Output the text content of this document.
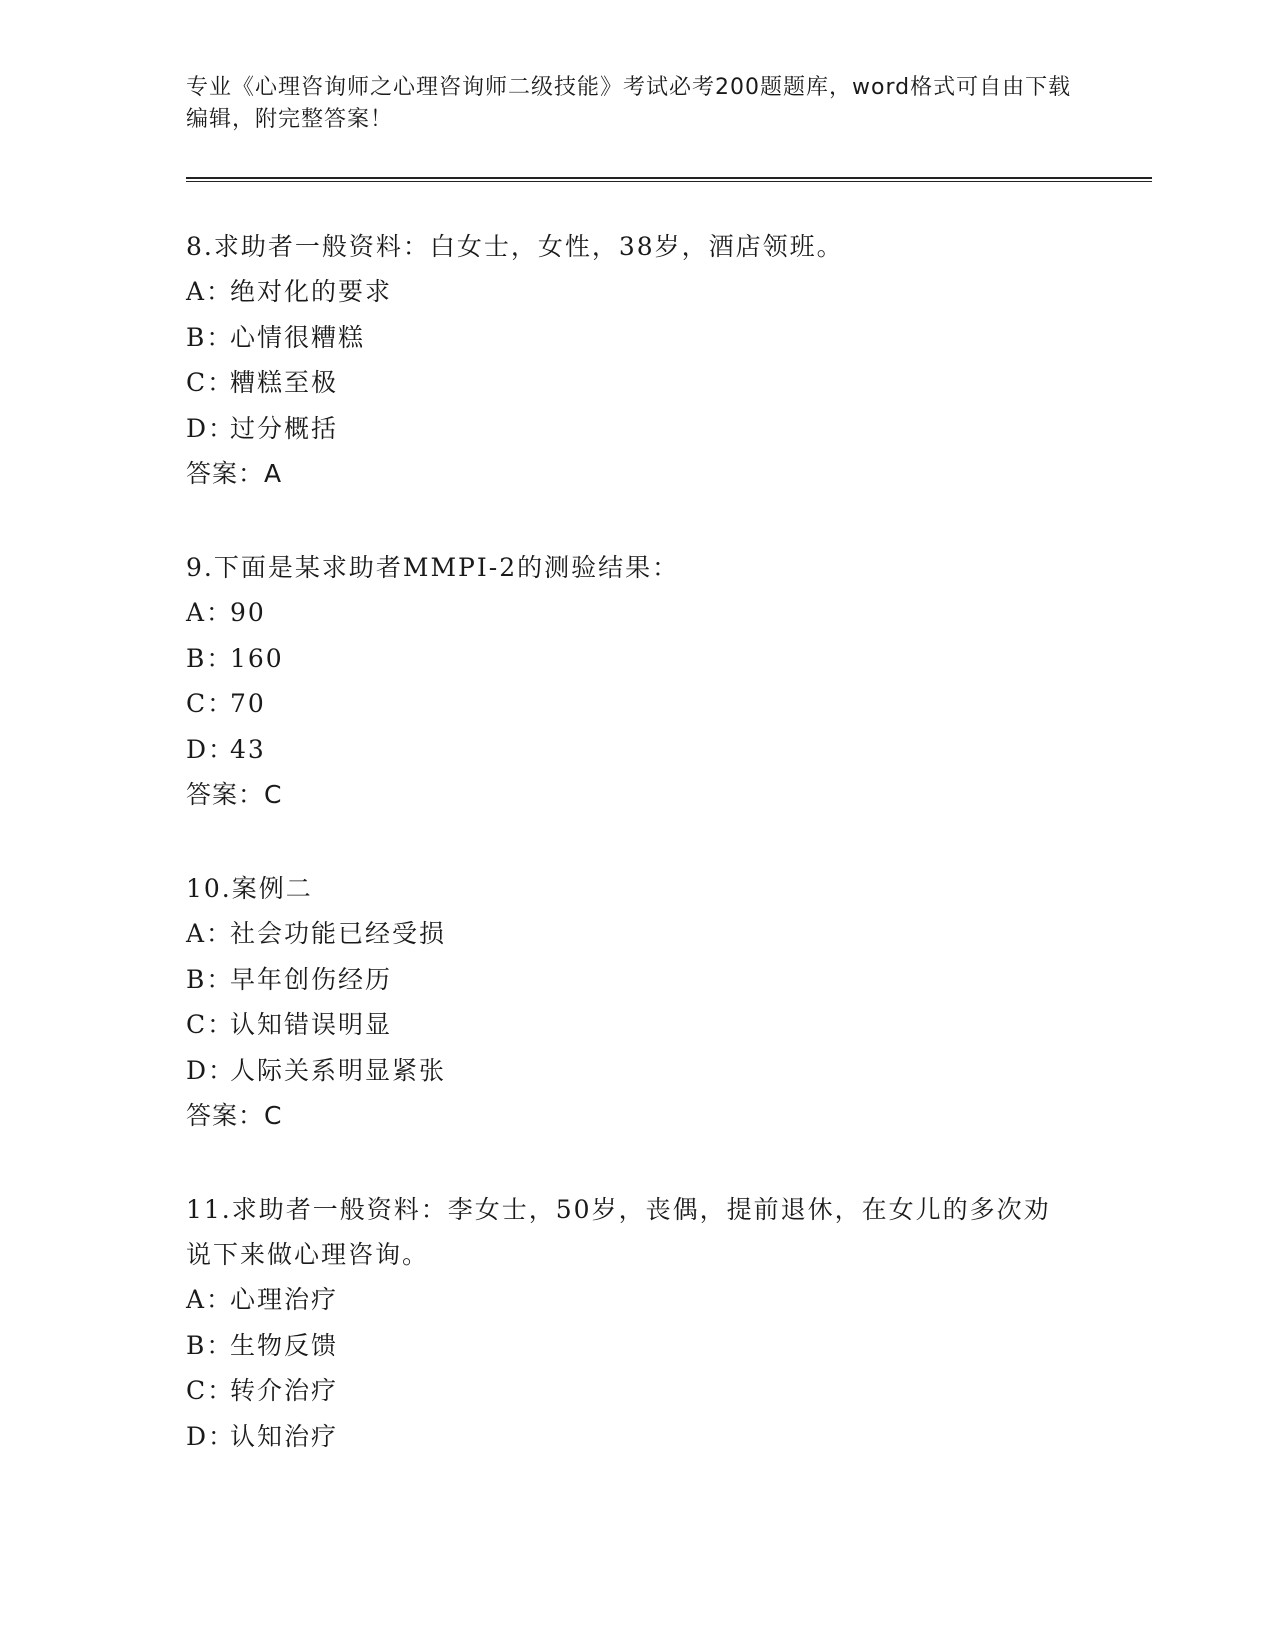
专业《心理咨询师之心理咨询师二级技能》考试必考200题题库，word格式可自由下载编辑，附完整答案！
8.求助者一般资料：白女士，女性，38岁，酒店领班。
A：绝对化的要求
B：心情很糟糕
C：糟糕至极
D：过分概括
答案：A
9.下面是某求助者MMPI-2的测验结果：
A：90
B：160
C：70
D：43
答案：C
10.案例二
A：社会功能已经受损
B：早年创伤经历
C：认知错误明显
D：人际关系明显紧张
答案：C
11.求助者一般资料：李女士，50岁，丧偶，提前退休，在女儿的多次劝说下来做心理咨询。
A：心理治疗
B：生物反馈
C：转介治疗
D：认知治疗
